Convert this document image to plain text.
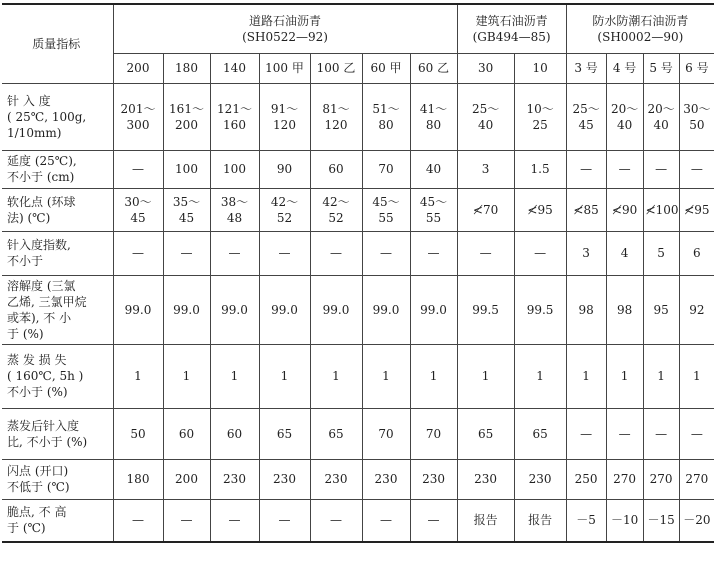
质量指标	道路石油沥青
(SH0522—92)							建筑石油沥青
(GB494—85)		防水防潮石油沥青
(SH0002—90)			
	200	180	140	100 甲	100 乙	60 甲	60 乙	30	10	3 号	4 号	5 号	6 号
针 入 度
( 25℃, 100g,
1/10mm)	201～
300	161～
200	121～
160	91～
120	81～
120	51～
80	41～
80	25～
40	10～
25	25～
45	20～
40	20～
40	30～
50
延度 (25℃),
不小于 (cm)	—	100	100	90	60	70	40	3	1.5	—	—	—	—
软化点 (环球
法) (℃)	30～
45	35～
45	38～
48	42～
52	42～
52	45～
55	45～
55	≮70	≮95	≮85	≮90	≮100	≮95
针入度指数,
不小于	—	—	—	—	—	—	—	—	—	3	4	5	6
溶解度 (三氯
乙烯, 三氯甲烷
或苯), 不 小
于 (%)	99.0	99.0	99.0	99.0	99.0	99.0	99.0	99.5	99.5	98	98	95	92
蒸 发 损 失
( 160℃, 5h )
不小于 (%)	1	1	1	1	1	1	1	1	1	1	1	1	1
蒸发后针入度
比, 不小于 (%)	50	60	60	65	65	70	70	65	65	—	—	—	—
闪点 (开口)
不低于 (℃)	180	200	230	230	230	230	230	230	230	250	270	270	270
脆点, 不 高
于 (℃)	—	—	—	—	—	—	—	报告	报告	－5	－10	－15	－20
